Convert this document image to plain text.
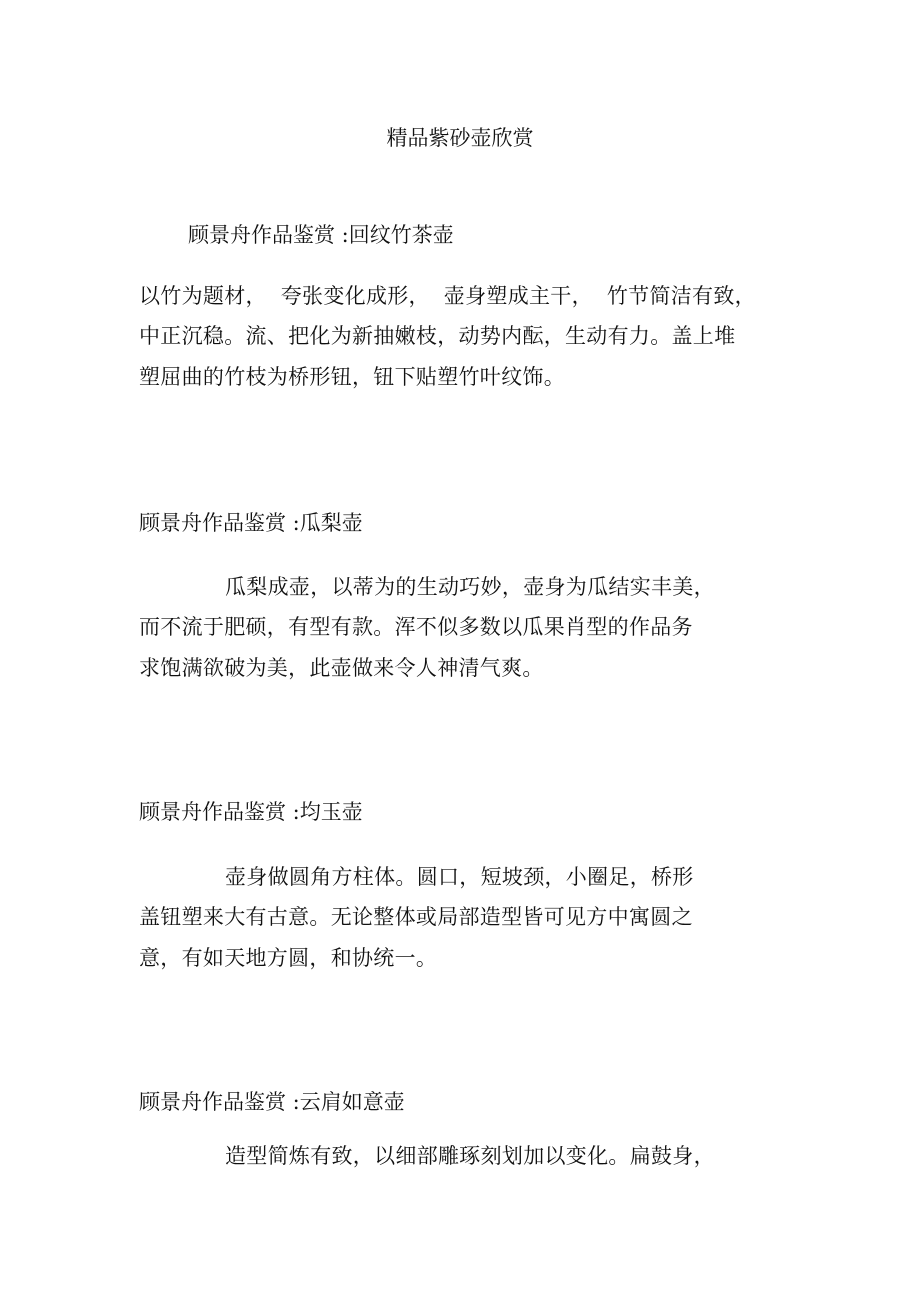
精品紫砂壶欣赏
顾景舟作品鉴赏 :回纹竹茶壶
以竹为题材，  夸张变化成形，  壶身塑成主干，  竹节简洁有致，
中正沉稳。流、把化为新抽嫩枝，动势内酝，生动有力。盖上堆
塑屈曲的竹枝为桥形钮，钮下贴塑竹叶纹饰。
顾景舟作品鉴赏 :瓜梨壶
瓜梨成壶，以蒂为的生动巧妙，壶身为瓜结实丰美，
而不流于肥硕，有型有款。浑不似多数以瓜果肖型的作品务
求饱满欲破为美，此壶做来令人神清气爽。
顾景舟作品鉴赏 :均玉壶
壶身做圆角方柱体。圆口，短坡颈，小圈足，桥形
盖钮塑来大有古意。无论整体或局部造型皆可见方中寓圆之
意，有如天地方圆，和协统一。
顾景舟作品鉴赏 :云肩如意壶
造型简炼有致，以细部雕琢刻划加以变化。扁鼓身，
